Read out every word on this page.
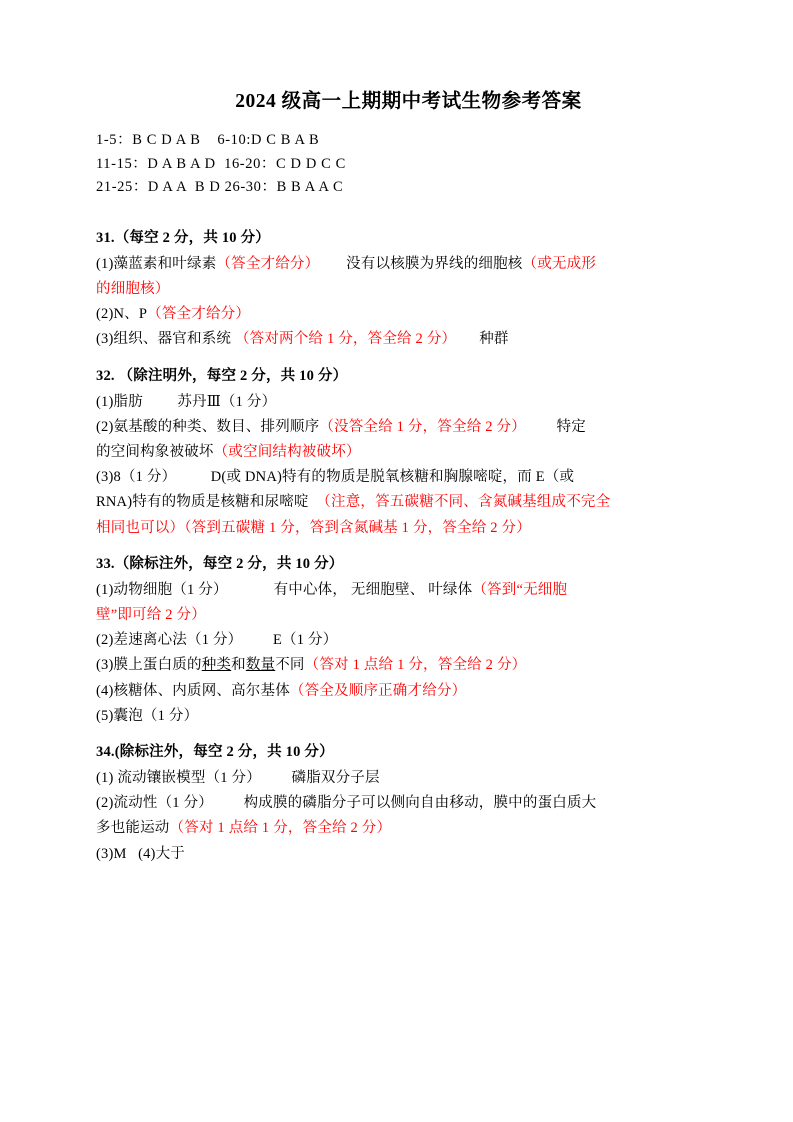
2024 级高一上期期中考试生物参考答案
1-5：B C D A B    6-10:D C B A B
11-15：D A B A D  16-20：C D D C C
21-25：D A A  B D 26-30：B B A A C
31.（每空 2 分，共 10 分）
(1)藻蓝素和叶绿素（答全才给分）       没有以核膜为界线的细胞核（或无成形
的细胞核）
(2)N、P（答全才给分）
(3)组织、器官和系统 （答对两个给 1 分，答全给 2 分）      种群
32. （除注明外，每空 2 分，共 10 分）
(1)脂肪         苏丹Ⅲ（1 分）
(2)氨基酸的种类、数目、排列顺序（没答全给 1 分，答全给 2 分）        特定
的空间构象被破坏（或空间结构被破坏）
(3)8（1 分）         D(或 DNA)特有的物质是脱氧核糖和胸腺嘧啶，而 E（或
RNA)特有的物质是核糖和尿嘧啶  （注意，答五碳糖不同、含氮碱基组成不完全
相同也可以）（答到五碳糖 1 分，答到含氮碱基 1 分，答全给 2 分）
33.（除标注外，每空 2 分，共 10 分）
(1)动物细胞（1 分）            有中心体， 无细胞壁、 叶绿体（答到“无细胞
壁”即可给 2 分）
(2)差速离心法（1 分）        E（1 分）
(3)膜上蛋白质的种类和数量不同（答对 1 点给 1 分，答全给 2 分）
(4)核糖体、内质网、高尔基体（答全及顺序正确才给分）
(5)囊泡（1 分）
34.(除标注外，每空 2 分，共 10 分）
(1) 流动镶嵌模型（1 分）        磷脂双分子层
(2)流动性（1 分）        构成膜的磷脂分子可以侧向自由移动，膜中的蛋白质大
多也能运动（答对 1 点给 1 分，答全给 2 分）
(3)M   (4)大于
